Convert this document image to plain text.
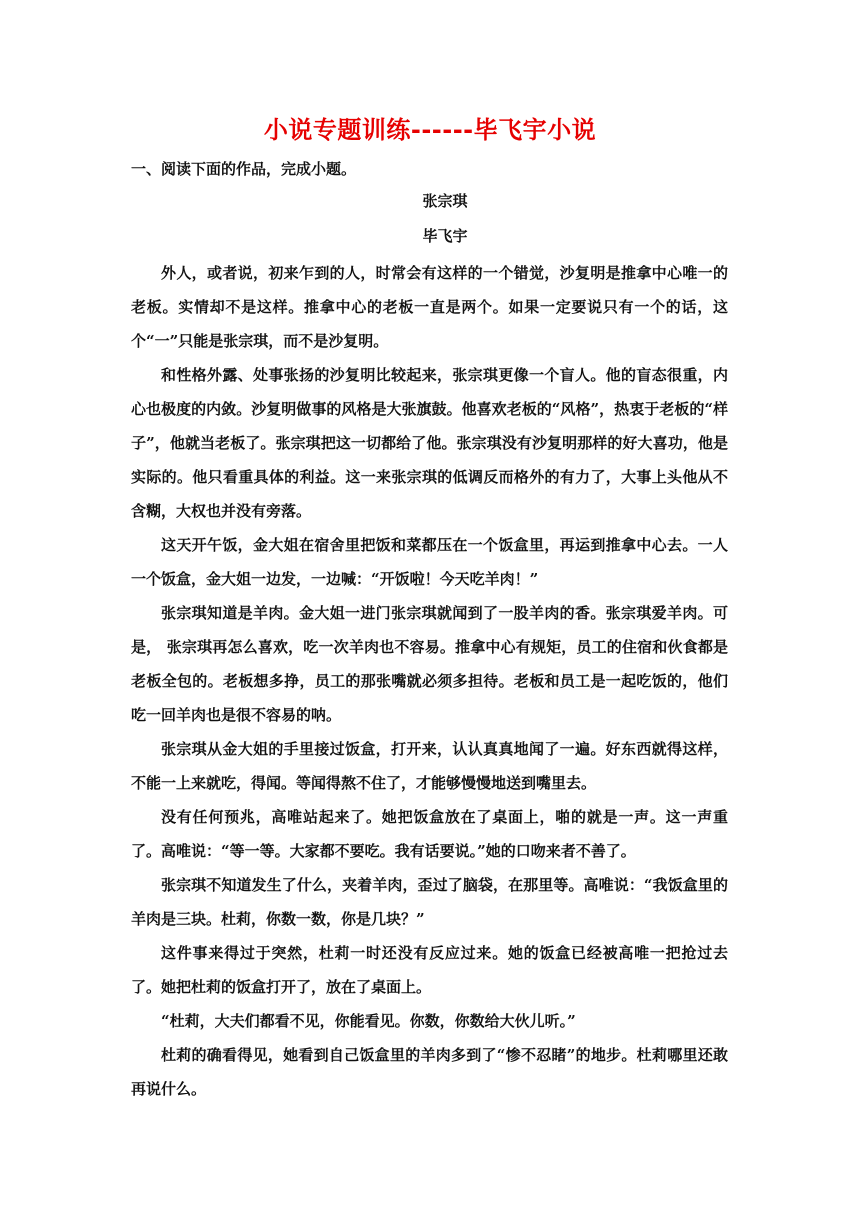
小说专题训练------毕飞宇小说
一、阅读下面的作品，完成小题。
张宗琪
毕飞宇

外人，或者说，初来乍到的人，时常会有这样的一个错觉，沙复明是推拿中心唯一的老板。实情却不是这样。推拿中心的老板一直是两个。如果一定要说只有一个的话，这个“一”只能是张宗琪，而不是沙复明。

和性格外露、处事张扬的沙复明比较起来，张宗琪更像一个盲人。他的盲态很重，内心也极度的内敛。沙复明做事的风格是大张旗鼓。他喜欢老板的“风格”，热衷于老板的“样子”，他就当老板了。张宗琪把这一切都给了他。张宗琪没有沙复明那样的好大喜功，他是实际的。他只看重具体的利益。这一来张宗琪的低调反而格外的有力了，大事上头他从不含糊，大权也并没有旁落。

这天开午饭，金大姐在宿舍里把饭和菜都压在一个饭盒里，再运到推拿中心去。一人一个饭盒，金大姐一边发，一边喊：“开饭啦！今天吃羊肉！”

张宗琪知道是羊肉。金大姐一进门张宗琪就闻到了一股羊肉的香。张宗琪爱羊肉。可是， 张宗琪再怎么喜欢，吃一次羊肉也不容易。推拿中心有规矩，员工的住宿和伙食都是老板全包的。老板想多挣，员工的那张嘴就必须多担待。老板和员工是一起吃饭的，他们吃一回羊肉也是很不容易的呐。

张宗琪从金大姐的手里接过饭盒，打开来，认认真真地闻了一遍。好东西就得这样，不能一上来就吃，得闻。等闻得熬不住了，才能够慢慢地送到嘴里去。

没有任何预兆，高唯站起来了。她把饭盒放在了桌面上，啪的就是一声。这一声重了。高唯说：“等一等。大家都不要吃。我有话要说。”她的口吻来者不善了。

张宗琪不知道发生了什么，夹着羊肉，歪过了脑袋，在那里等。高唯说：“我饭盒里的羊肉是三块。杜莉，你数一数，你是几块？”

这件事来得过于突然，杜莉一时还没有反应过来。她的饭盒已经被高唯一把抢过去了。她把杜莉的饭盒打开了，放在了桌面上。

“杜莉，大夫们都看不见，你能看见。你数，你数给大伙儿听。”

杜莉的确看得见，她看到自己饭盒里的羊肉多到了“惨不忍睹”的地步。杜莉哪里还敢再说什么。
